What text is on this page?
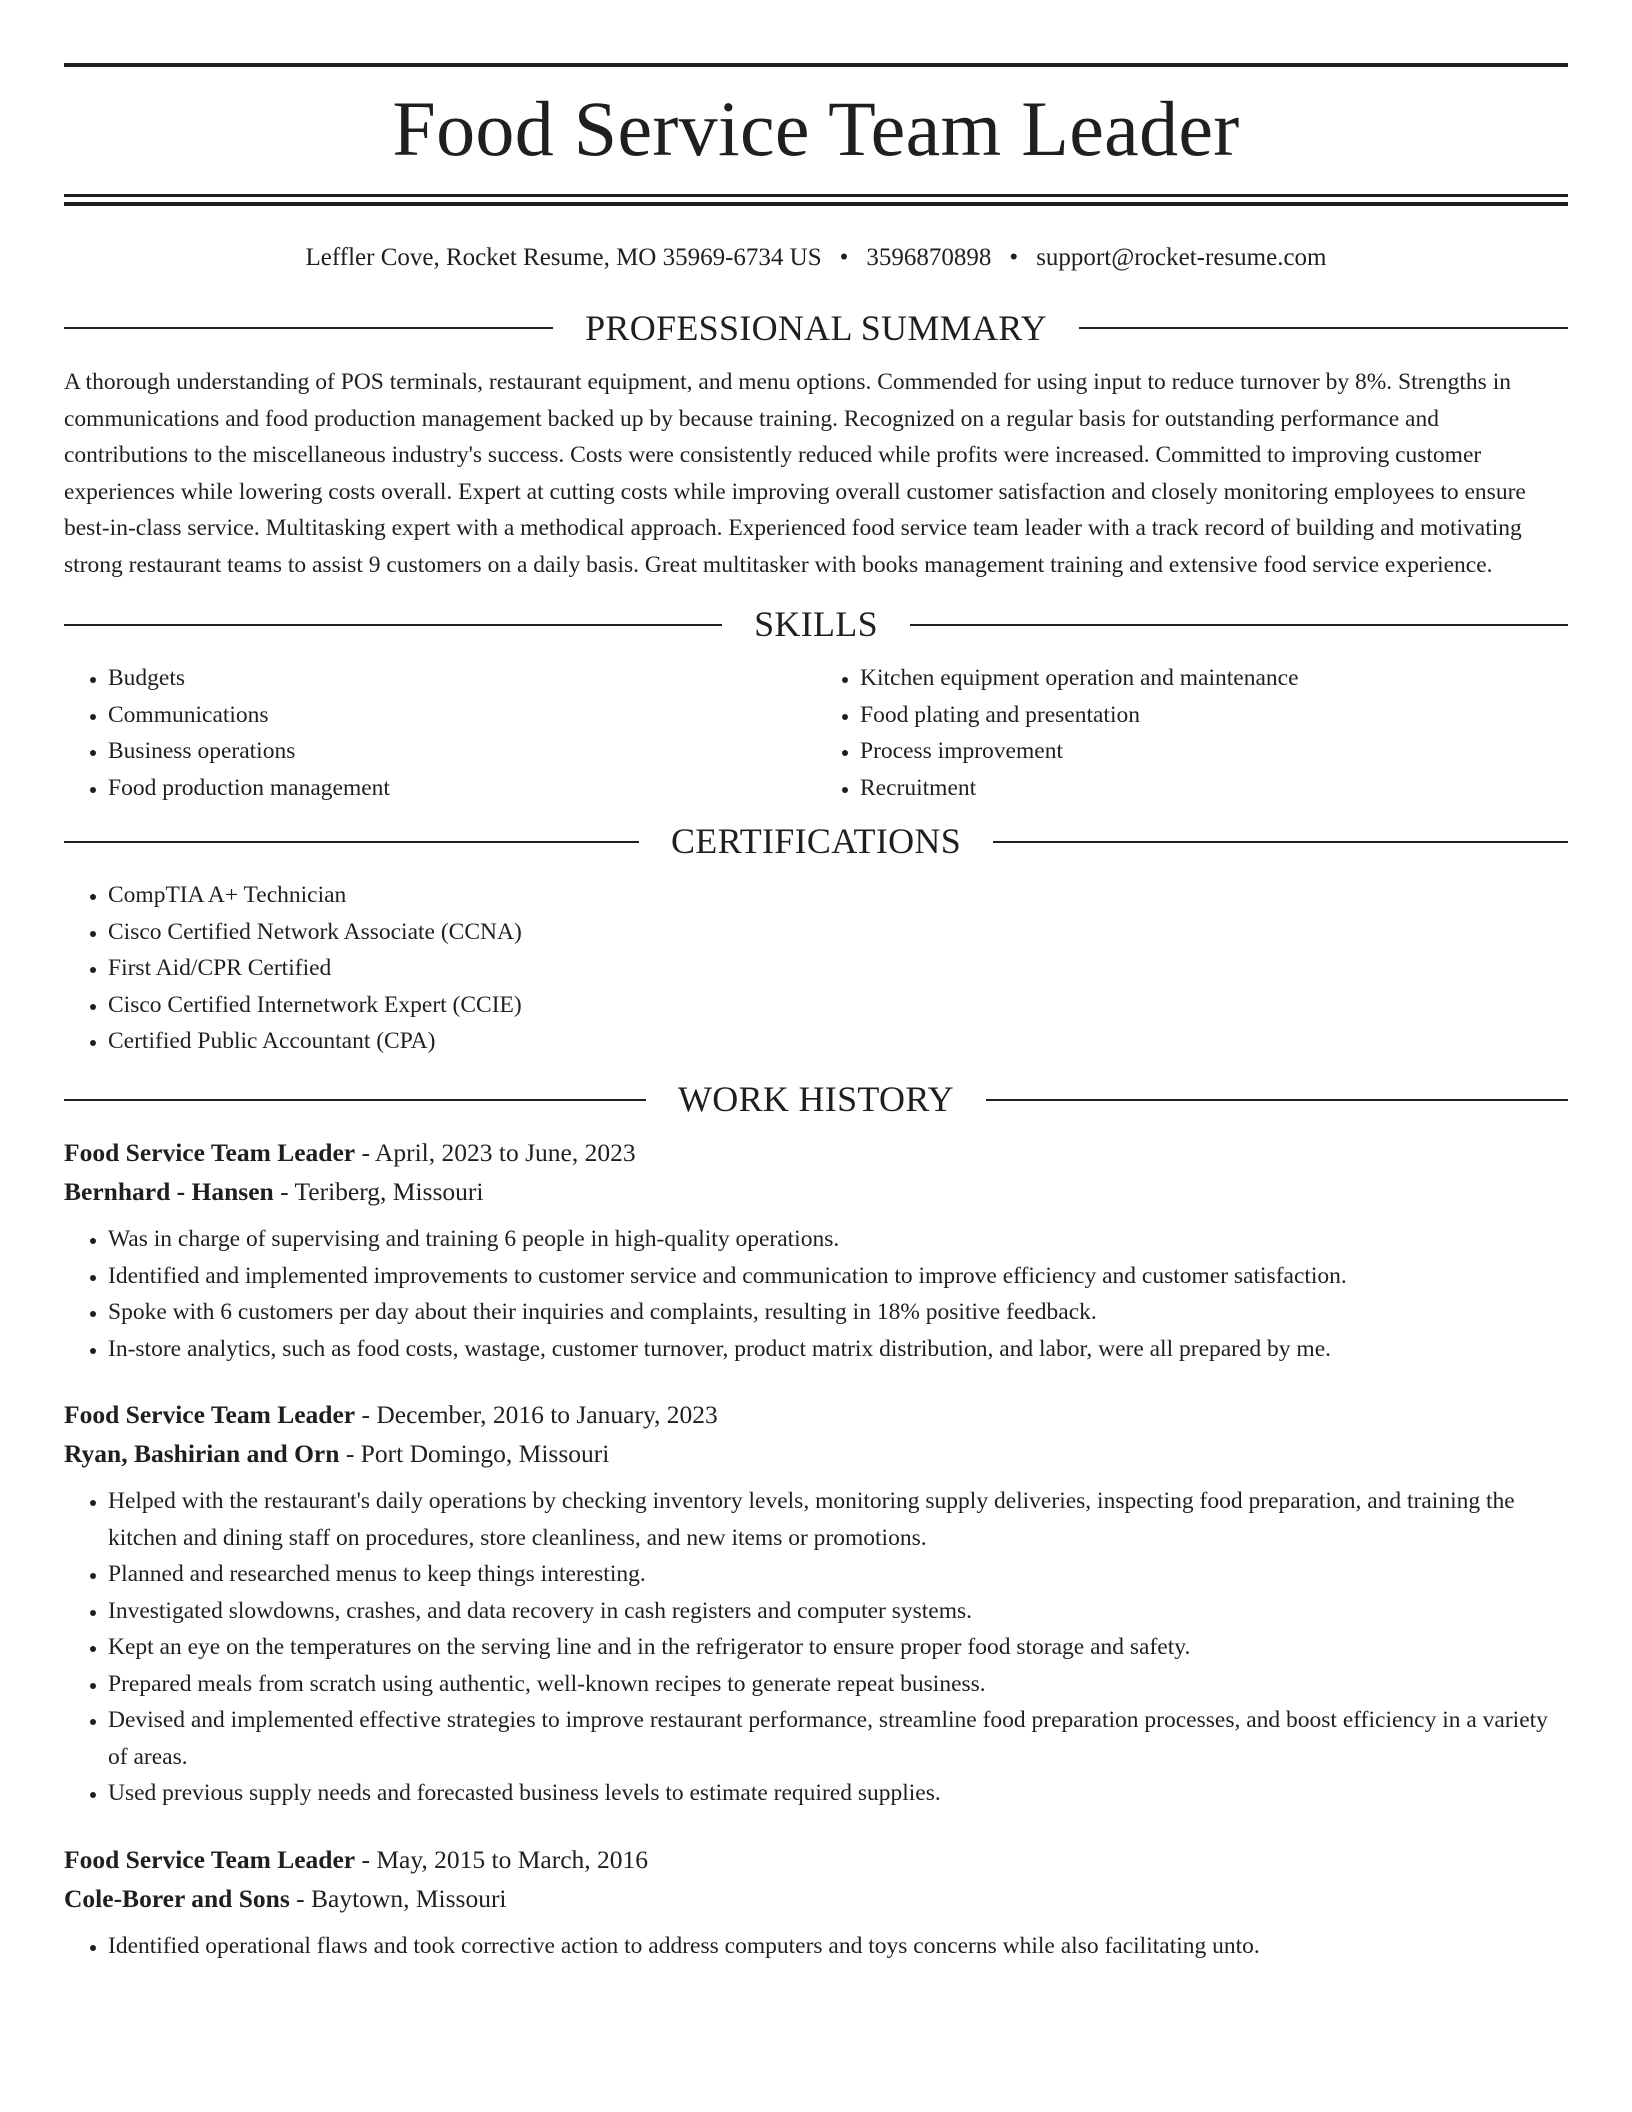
Food Service Team Leader
Leffler Cove, Rocket Resume, MO 35969-6734 US • 3596870898 • support@rocket-resume.com
PROFESSIONAL SUMMARY
A thorough understanding of POS terminals, restaurant equipment, and menu options. Commended for using input to reduce turnover by 8%. Strengths in communications and food production management backed up by because training. Recognized on a regular basis for outstanding performance and contributions to the miscellaneous industry's success. Costs were consistently reduced while profits were increased. Committed to improving customer experiences while lowering costs overall. Expert at cutting costs while improving overall customer satisfaction and closely monitoring employees to ensure best-in-class service. Multitasking expert with a methodical approach. Experienced food service team leader with a track record of building and motivating strong restaurant teams to assist 9 customers on a daily basis. Great multitasker with books management training and extensive food service experience.
SKILLS
• Budgets
• Communications
• Business operations
• Food production management
• Kitchen equipment operation and maintenance
• Food plating and presentation
• Process improvement
• Recruitment
CERTIFICATIONS
• CompTIA A+ Technician
• Cisco Certified Network Associate (CCNA)
• First Aid/CPR Certified
• Cisco Certified Internetwork Expert (CCIE)
• Certified Public Accountant (CPA)
WORK HISTORY
Food Service Team Leader - April, 2023 to June, 2023
Bernhard - Hansen - Teriberg, Missouri
• Was in charge of supervising and training 6 people in high-quality operations.
• Identified and implemented improvements to customer service and communication to improve efficiency and customer satisfaction.
• Spoke with 6 customers per day about their inquiries and complaints, resulting in 18% positive feedback.
• In-store analytics, such as food costs, wastage, customer turnover, product matrix distribution, and labor, were all prepared by me.
Food Service Team Leader - December, 2016 to January, 2023
Ryan, Bashirian and Orn - Port Domingo, Missouri
• Helped with the restaurant's daily operations by checking inventory levels, monitoring supply deliveries, inspecting food preparation, and training the kitchen and dining staff on procedures, store cleanliness, and new items or promotions.
• Planned and researched menus to keep things interesting.
• Investigated slowdowns, crashes, and data recovery in cash registers and computer systems.
• Kept an eye on the temperatures on the serving line and in the refrigerator to ensure proper food storage and safety.
• Prepared meals from scratch using authentic, well-known recipes to generate repeat business.
• Devised and implemented effective strategies to improve restaurant performance, streamline food preparation processes, and boost efficiency in a variety of areas.
• Used previous supply needs and forecasted business levels to estimate required supplies.
Food Service Team Leader - May, 2015 to March, 2016
Cole-Borer and Sons - Baytown, Missouri
• Identified operational flaws and took corrective action to address computers and toys concerns while also facilitating unto.
